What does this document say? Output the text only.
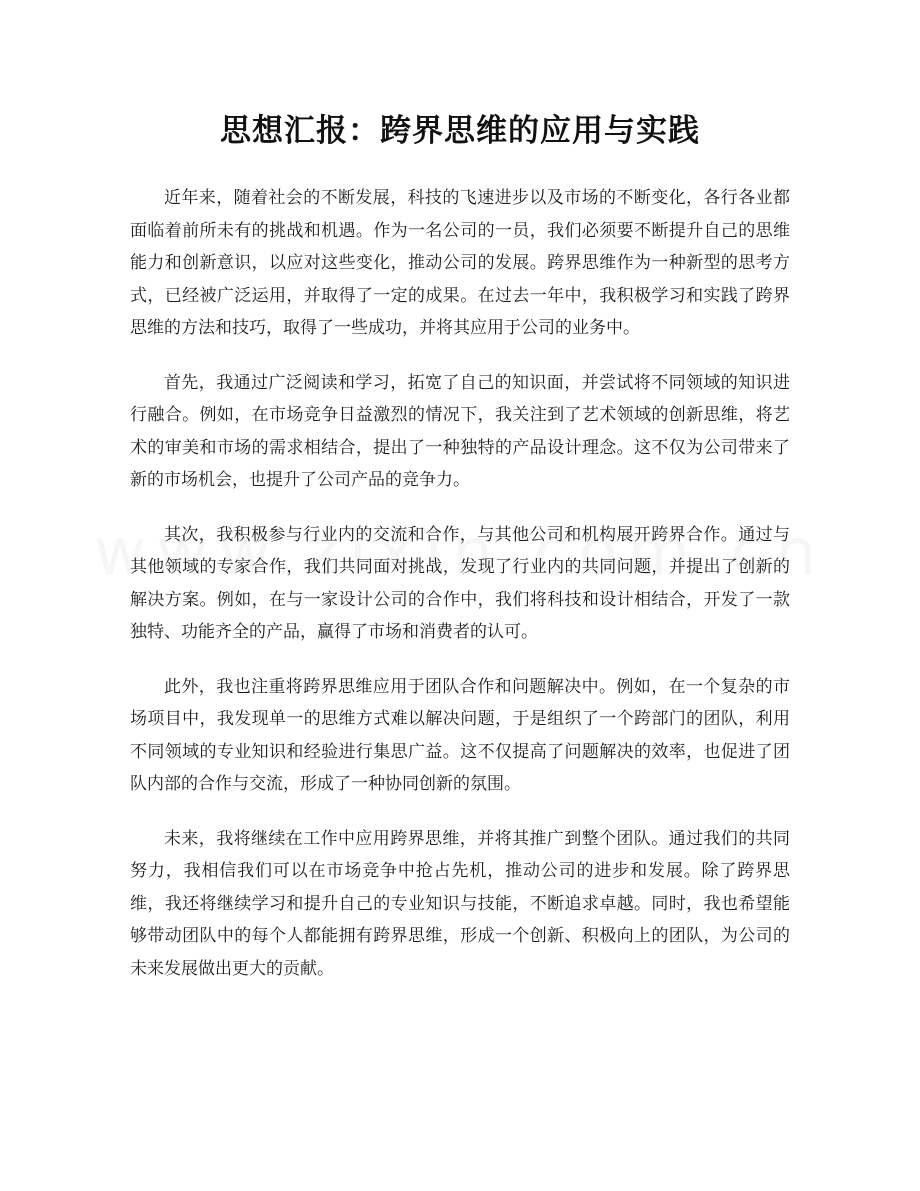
思想汇报：跨界思维的应用与实践

近年来，随着社会的不断发展，科技的飞速进步以及市场的不断变化，各行各业都面临着前所未有的挑战和机遇。作为一名公司的一员，我们必须要不断提升自己的思维能力和创新意识，以应对这些变化，推动公司的发展。跨界思维作为一种新型的思考方式，已经被广泛运用，并取得了一定的成果。在过去一年中，我积极学习和实践了跨界思维的方法和技巧，取得了一些成功，并将其应用于公司的业务中。

首先，我通过广泛阅读和学习，拓宽了自己的知识面，并尝试将不同领域的知识进行融合。例如，在市场竞争日益激烈的情况下，我关注到了艺术领域的创新思维，将艺术的审美和市场的需求相结合，提出了一种独特的产品设计理念。这不仅为公司带来了新的市场机会，也提升了公司产品的竞争力。

其次，我积极参与行业内的交流和合作，与其他公司和机构展开跨界合作。通过与其他领域的专家合作，我们共同面对挑战，发现了行业内的共同问题，并提出了创新的解决方案。例如，在与一家设计公司的合作中，我们将科技和设计相结合，开发了一款独特、功能齐全的产品，赢得了市场和消费者的认可。

此外，我也注重将跨界思维应用于团队合作和问题解决中。例如，在一个复杂的市场项目中，我发现单一的思维方式难以解决问题，于是组织了一个跨部门的团队，利用不同领域的专业知识和经验进行集思广益。这不仅提高了问题解决的效率，也促进了团队内部的合作与交流，形成了一种协同创新的氛围。

未来，我将继续在工作中应用跨界思维，并将其推广到整个团队。通过我们的共同努力，我相信我们可以在市场竞争中抢占先机，推动公司的进步和发展。除了跨界思维，我还将继续学习和提升自己的专业知识与技能，不断追求卓越。同时，我也希望能够带动团队中的每个人都能拥有跨界思维，形成一个创新、积极向上的团队，为公司的未来发展做出更大的贡献。
